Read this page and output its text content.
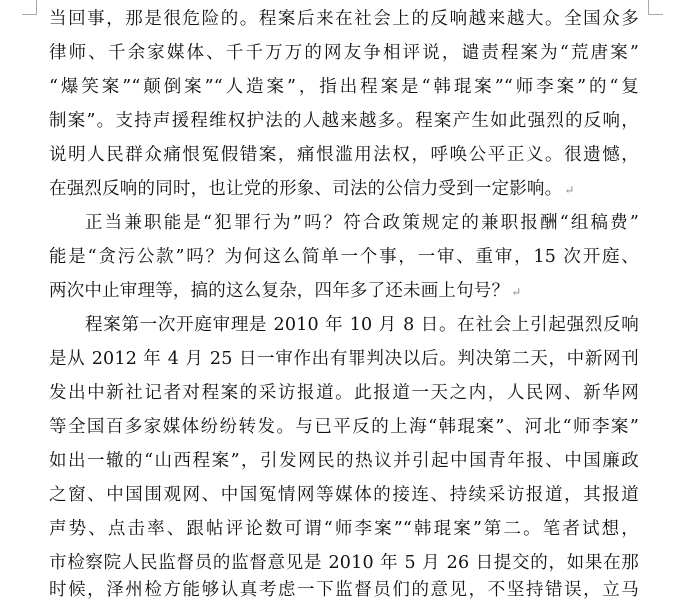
当回事，那是很危险的。程案后来在社会上的反响越来越大。全国众多
律师、千余家媒体、千千万万的网友争相评说，谴责程案为“荒唐案”
“爆笑案”“颠倒案”“人造案”，指出程案是“韩琨案”“师李案”的“复
制案”。支持声援程维权护法的人越来越多。程案产生如此强烈的反响，
说明人民群众痛恨冤假错案，痛恨滥用法权，呼唤公平正义。很遗憾，
在强烈反响的同时，也让党的形象、司法的公信力受到一定影响。 ↵
正当兼职能是“犯罪行为”吗？符合政策规定的兼职报酬“组稿费”
能是“贪污公款”吗？为何这么简单一个事，一审、重审，15 次开庭、
两次中止审理等，搞的这么复杂，四年多了还未画上句号？ ↵
程案第一次开庭审理是 2010 年 10 月 8 日。在社会上引起强烈反响
是从 2012 年 4 月 25 日一审作出有罪判决以后。判决第二天，中新网刊
发出中新社记者对程案的采访报道。此报道一天之内，人民网、新华网
等全国百多家媒体纷纷转发。与已平反的上海“韩琨案”、河北“师李案”
如出一辙的“山西程案”，引发网民的热议并引起中国青年报、中国廉政
之窗、中国围观网、中国冤情网等媒体的接连、持续采访报道，其报道
声势、点击率、跟帖评论数可谓“师李案”“韩琨案”第二。笔者试想，
市检察院人民监督员的监督意见是 2010 年 5 月 26 日提交的，如果在那
时候，泽州检方能够认真考虑一下监督员们的意见，不坚持错误，立马
